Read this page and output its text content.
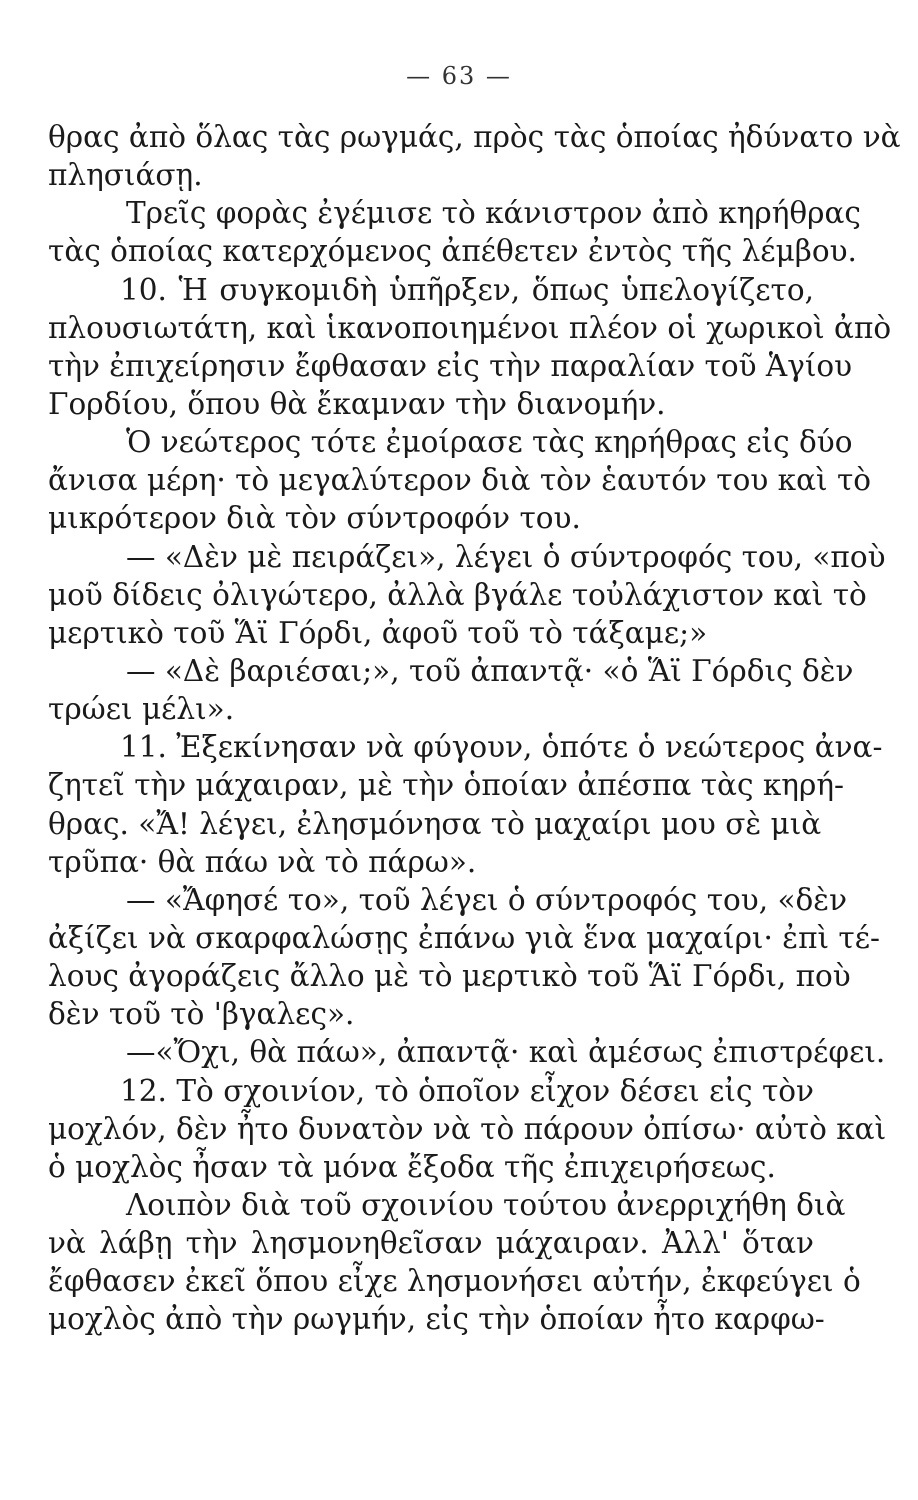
— 63 —
θρας ἀπὸ ὅλας τὰς ρωγμάς, πρὸς τὰς ὁποίας ἠδύνατο νὰ
πλησιάσῃ.
Τρεῖς φορὰς ἐγέμισε τὸ κάνιστρον ἀπὸ κηρήθρας
τὰς ὁποίας κατερχόμενος ἀπέθετεν ἐντὸς τῆς λέμβου.
10. Ἡ συγκομιδὴ ὑπῆρξεν, ὅπως ὑπελογίζετο,
πλουσιωτάτη, καὶ ἱκανοποιημένοι πλέον οἱ χωρικοὶ ἀπὸ
τὴν ἐπιχείρησιν ἔφθασαν εἰς τὴν παραλίαν τοῦ Ἁγίου
Γορδίου, ὅπου θὰ ἔκαμναν τὴν διανομήν.
Ὁ νεώτερος τότε ἐμοίρασε τὰς κηρήθρας εἰς δύο
ἄνισα μέρη· τὸ μεγαλύτερον διὰ τὸν ἑαυτόν του καὶ τὸ
μικρότερον διὰ τὸν σύντροφόν του.
— «Δὲν μὲ πειράζει», λέγει ὁ σύντροφός του, «ποὺ
μοῦ δίδεις ὀλιγώτερο, ἀλλὰ βγάλε τοὐλάχιστον καὶ τὸ
μερτικὸ τοῦ Ἅϊ Γόρδι, ἀφοῦ τοῦ τὸ τάξαμε;»
— «Δὲ βαριέσαι;», τοῦ ἀπαντᾷ· «ὁ Ἅϊ Γόρδις δὲν
τρώει μέλι».
11. Ἐξεκίνησαν νὰ φύγουν, ὁπότε ὁ νεώτερος ἀνα-
ζητεῖ τὴν μάχαιραν, μὲ τὴν ὁποίαν ἀπέσπα τὰς κηρή-
θρας. «Ἄ! λέγει, ἐλησμόνησα τὸ μαχαίρι μου σὲ μιὰ
τρῦπα· θὰ πάω νὰ τὸ πάρω».
— «Ἄφησέ το», τοῦ λέγει ὁ σύντροφός του, «δὲν
ἀξίζει νὰ σκαρφαλώσῃς ἐπάνω γιὰ ἕνα μαχαίρι· ἐπὶ τέ-
λους ἀγοράζεις ἄλλο μὲ τὸ μερτικὸ τοῦ Ἅϊ Γόρδι, ποὺ
δὲν τοῦ τὸ 'βγαλες».
—«Ὄχι, θὰ πάω», ἀπαντᾷ· καὶ ἀμέσως ἐπιστρέφει.
12. Τὸ σχοινίον, τὸ ὁποῖον εἶχον δέσει εἰς τὸν
μοχλόν, δὲν ἦτο δυνατὸν νὰ τὸ πάρουν ὀπίσω· αὐτὸ καὶ
ὁ μοχλὸς ἦσαν τὰ μόνα ἔξοδα τῆς ἐπιχειρήσεως.
Λοιπὸν διὰ τοῦ σχοινίου τούτου ἀνερριχήθη διὰ
νὰ λάβῃ τὴν λησμονηθεῖσαν μάχαιραν. Ἀλλ' ὅταν
ἔφθασεν ἐκεῖ ὅπου εἶχε λησμονήσει αὐτήν, ἐκφεύγει ὁ
μοχλὸς ἀπὸ τὴν ρωγμήν, εἰς τὴν ὁποίαν ἦτο καρφω-
